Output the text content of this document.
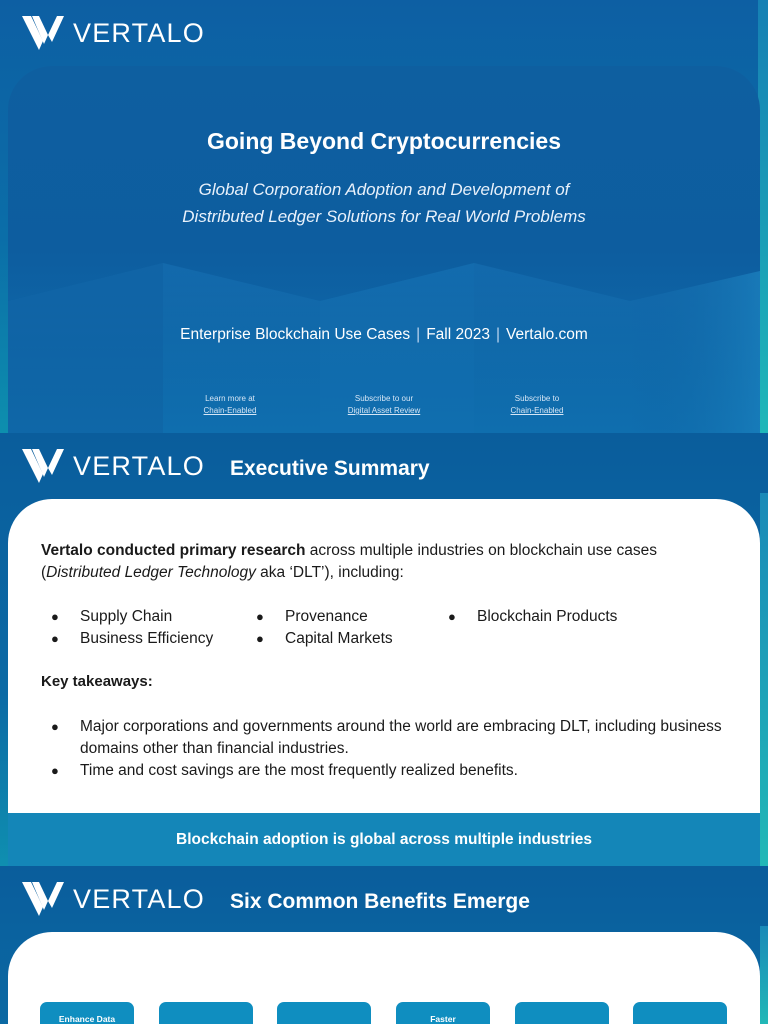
VERTALO
Going Beyond Cryptocurrencies
Global Corporation Adoption and Development of
Distributed Ledger Solutions for Real World Problems
Enterprise Blockchain Use Cases | Fall 2023 | Vertalo.com
Learn more at
Chain-Enabled
Subscribe to our
Digital Asset Review
Subscribe to
Chain-Enabled
VERTALO Executive Summary
Vertalo conducted primary research across multiple industries on blockchain use cases (Distributed Ledger Technology aka ‘DLT’), including:
● Supply Chain
● Business Efficiency
● Provenance
● Capital Markets
● Blockchain Products
Key takeaways:
● Major corporations and governments around the world are embracing DLT, including business domains other than financial industries.
● Time and cost savings are the most frequently realized benefits.
Blockchain adoption is global across multiple industries
VERTALO Six Common Benefits Emerge
Enhance Data	Faster
